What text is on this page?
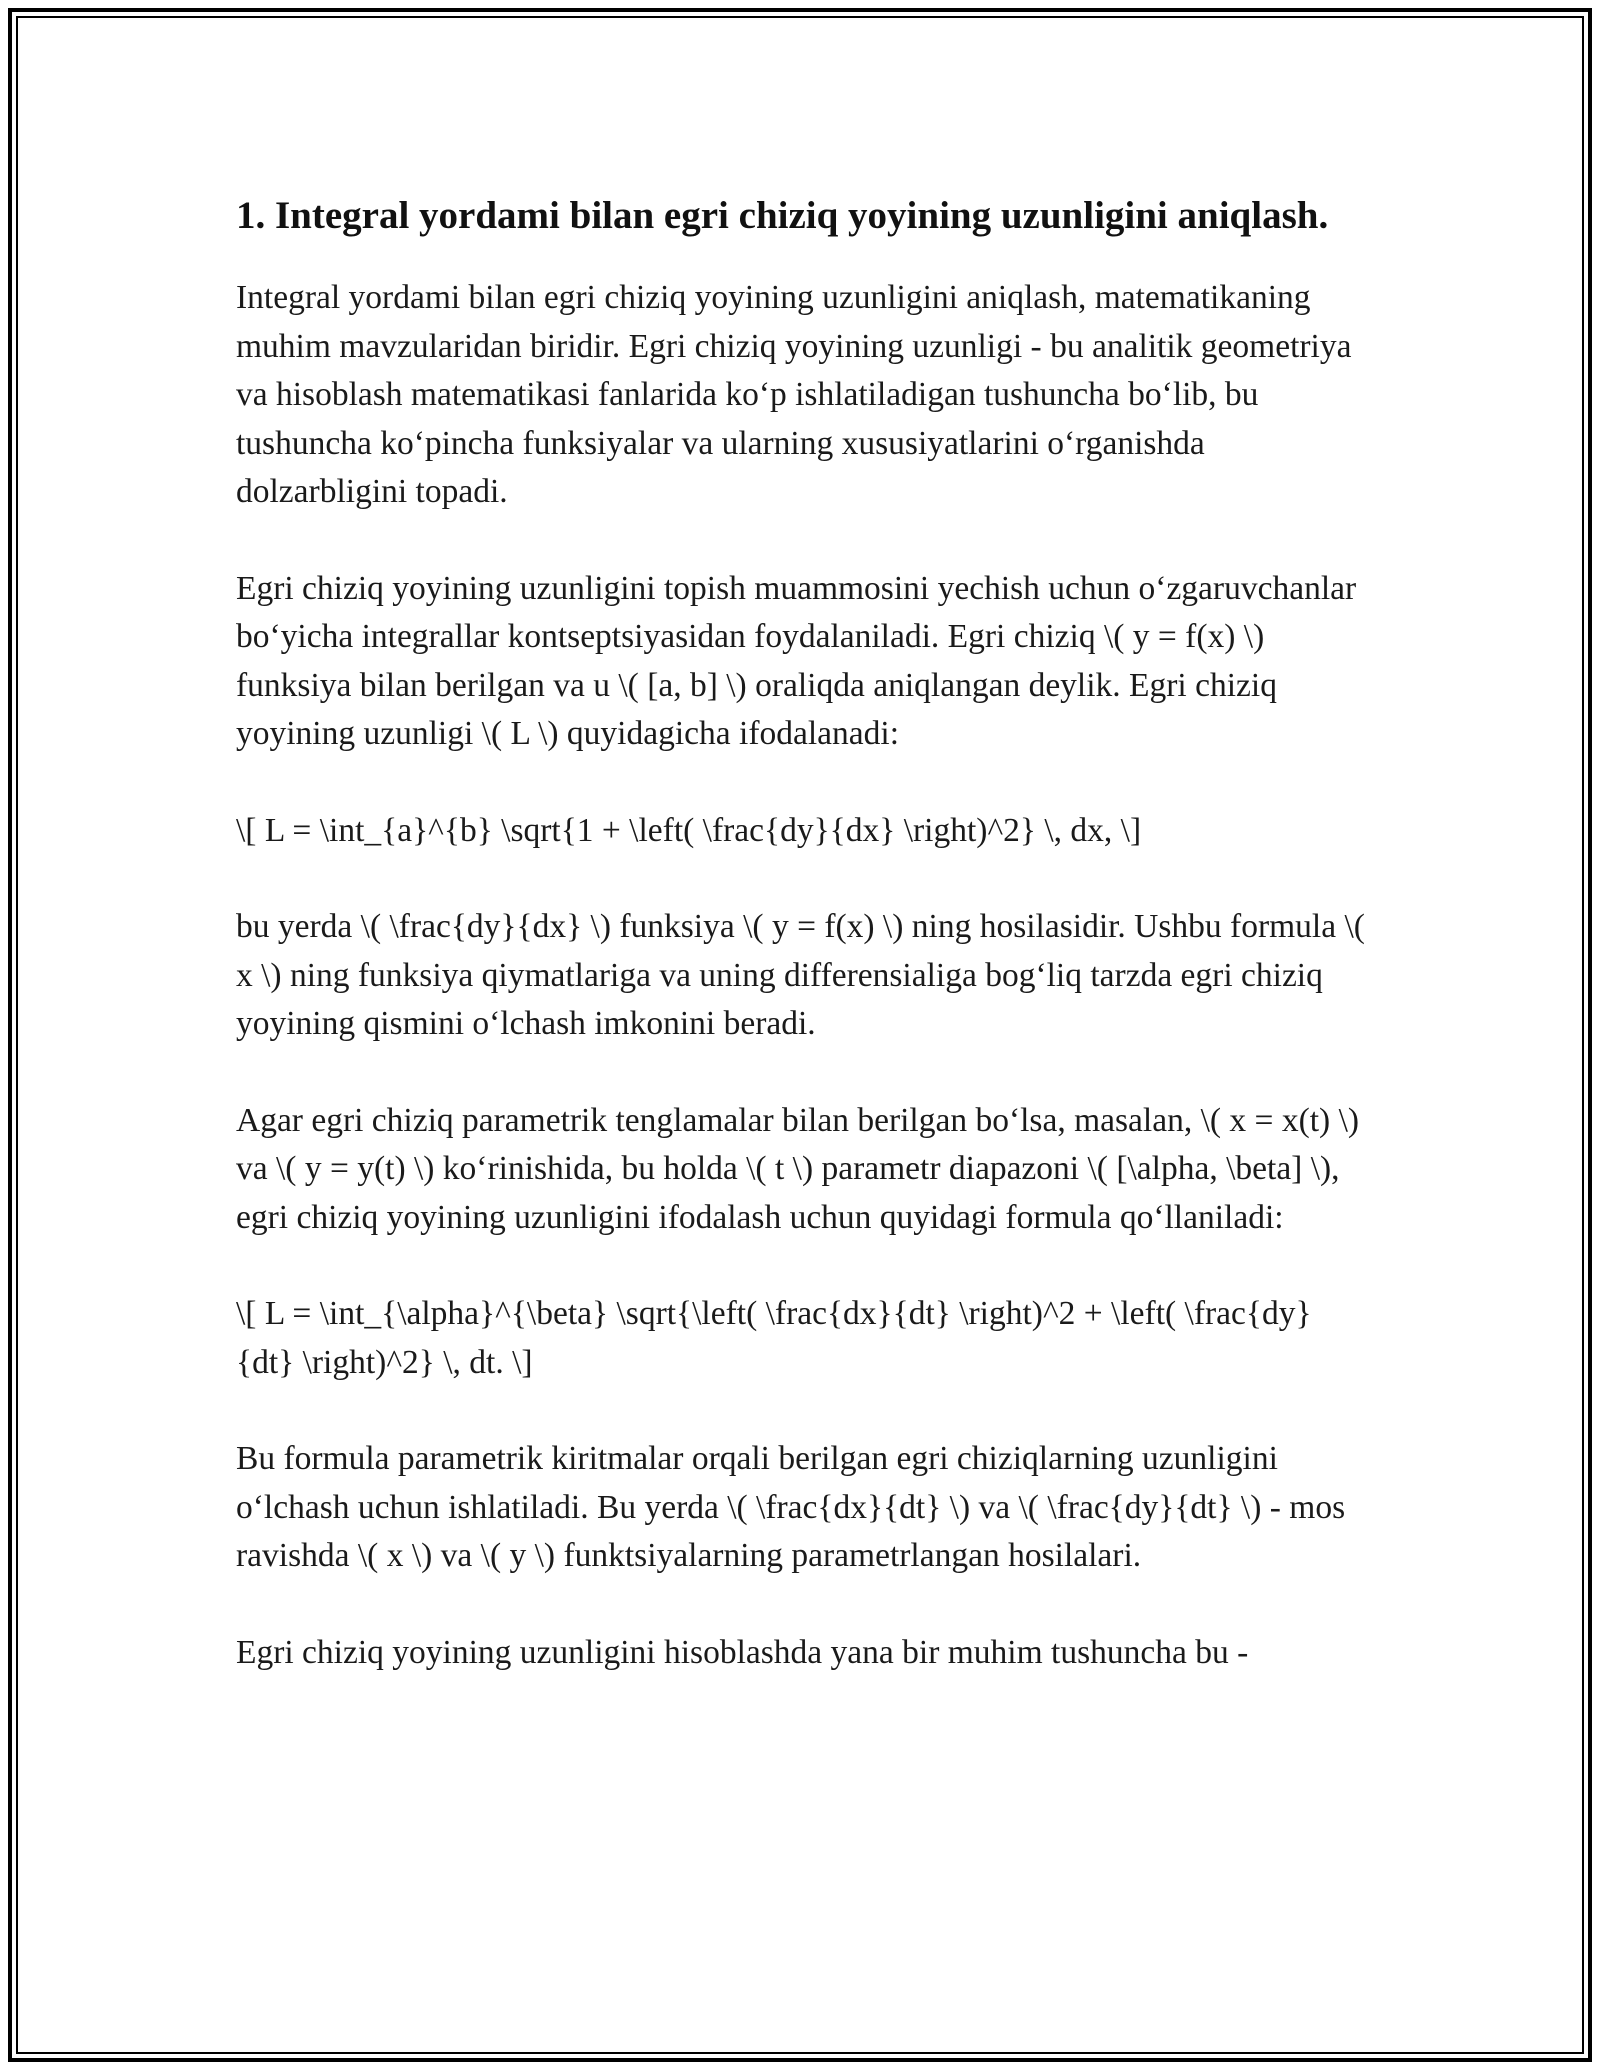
1. Integral yordami bilan egri chiziq yoyining uzunligini aniqlash.

Integral yordami bilan egri chiziq yoyining uzunligini aniqlash, matematikaning muhim mavzularidan biridir. Egri chiziq yoyining uzunligi - bu analitik geometriya va hisoblash matematikasi fanlarida ko‘p ishlatiladigan tushuncha bo‘lib, bu tushuncha ko‘pincha funksiyalar va ularning xususiyatlarini o‘rganishda dolzarbligini topadi.

Egri chiziq yoyining uzunligini topish muammosini yechish uchun o‘zgaruvchanlar bo‘yicha integrallar kontseptsiyasidan foydalaniladi. Egri chiziq \( y = f(x) \) funksiya bilan berilgan va u \( [a, b] \) oraliqda aniqlangan deylik. Egri chiziq yoyining uzunligi \( L \) quyidagicha ifodalanadi:

\[ L = \int_{a}^{b} \sqrt{1 + \left( \frac{dy}{dx} \right)^2} \, dx, \]

bu yerda \( \frac{dy}{dx} \) funksiya \( y = f(x) \) ning hosilasidir. Ushbu formula \( x \) ning funksiya qiymatlariga va uning differensialiga bog‘liq tarzda egri chiziq yoyining qismini o‘lchash imkonini beradi.

Agar egri chiziq parametrik tenglamalar bilan berilgan bo‘lsa, masalan, \( x = x(t) \) va \( y = y(t) \) ko‘rinishida, bu holda \( t \) parametr diapazoni \( [\alpha, \beta] \), egri chiziq yoyining uzunligini ifodalash uchun quyidagi formula qo‘llaniladi:

\[ L = \int_{\alpha}^{\beta} \sqrt{\left( \frac{dx}{dt} \right)^2 + \left( \frac{dy}{dt} \right)^2} \, dt. \]

Bu formula parametrik kiritmalar orqali berilgan egri chiziqlarning uzunligini o‘lchash uchun ishlatiladi. Bu yerda \( \frac{dx}{dt} \) va \( \frac{dy}{dt} \) - mos ravishda \( x \) va \( y \) funktsiyalarning parametrlangan hosilalari.

Egri chiziq yoyining uzunligini hisoblashda yana bir muhim tushuncha bu -
